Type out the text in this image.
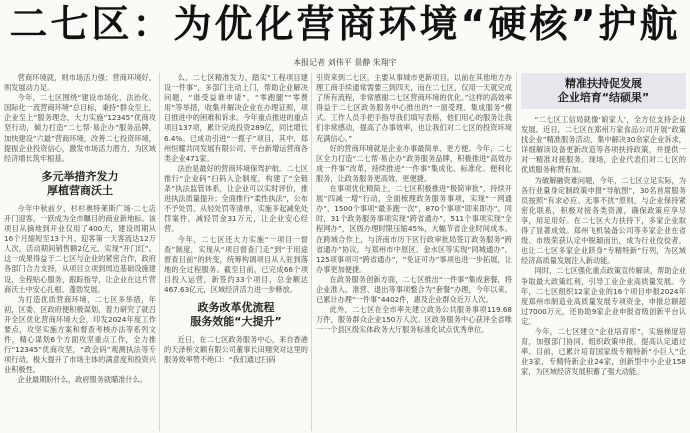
二七区：为优化营商环境“硬核”护航
本报记者 刘伟平 景静 朱翔宇

营商环境就，则市场活力强；营商环境好，则发展动力足。

今年，二七区围绕“建设市场化、法治化、国际化一流营商环境”总目标，秉持“群众至上，企业至上”服务理念，大力实施“12345”优商攻坚行动，倾力打造“二七帮·易企办”服务品牌，加快建设“六最”营商环境，改善二七投资环境，提振企业投资信心，激发市场活力潜力，为区域经济增长筑牢根基。

多元举措齐发力
厚植营商沃土

今年中秋前夕，杉杉奥特莱斯广场·二七店开门迎客，一跃成为全市瞩目的商业新地标。该项目从摘地到开业仅用了400天，建设周期从16个月缩短至13个月。迎客第一天客流达12万人次，活动期间销售额2亿元，实现“开门红”。这一成果得益于二七区与企业的紧密合作，政府各部门合力支持，从项目立项到周边基础设施建设，全程贴心服务，跟踪指导，让企业在这片营商沃土中安心扎根、蓬勃发展。

为打造优质营商环境，二七区多举措，年初，区委、区政府便积极谋划，着力研究了就召开全区优化营商环境大会，印发2024年度工作要点，攻坚实施方案和督查考核办法等系列文件，精心谋划6个方面攻坚重点工作，全力推行“12345”优商攻坚，“政会码”观测执法等专项行动，极大提升了市场主体的满意度和投资兴业积极性。

企业最期盼什么，政府服务就瞄准什么。

么。二七区精准发力，踏实“工程项目建设一件事”，多部门主动上门，帮助企业解决问题，“谁受益谁申请”，“零跑腿”“零费用”等举措，收集并解决企业在办理证照，项目推进中的困难和诉求。今年重点推进的重点项目137项，累计完成投资289亿，同比增长6.4%。已成功引进“一揽子”项目，其中，郑州恒耀共同发展有限公司、平台新增运营商各类企业471家。

法治是最好的营商环境保驾护航。二七区推行“企业码”扫码入企制度，构建了“全链条”执法监管体系，让企业可以实时评价，推进执法质量提升；全面推行“柔性执法”，公布不予处罚、从轻处罚等清单，实施多起减免处罚案件，减轻罚金31万元，让企业安心经营。

今年，二七区还大力实施“一项目一督查”制度，实现从“项目督查门走”到“于用途督查目前”的转变，统筹构调项目从入驻到落地的全过程服务。截至目前，已完成66个项目投入运营，新签约33个项目，总金额达467.63亿元，区域经济活力进一步释放。

政务改革优流程
服务效能“大提升”

近日，在二七区政务服务中心，来自香港的天泽桥文额有限公司董事长田翔突对这里的服务效率赞不绝口：“我们通过扫码

引资来到二七区，主要从事城市更新项目。以前在其他地方办理工商手续通常需要三到四天，而在二七区，仅用一天就完成了所有流程，非常感谢二七区营商环境的优化。”这样的高效率得益于二七区政务服务中心推出的“一窗受理、集成服务”模式。工作人员手把手指导我们填写表格，他们用心的服务让我们非常感动，提高了办事效率，也让我们对二七区的投资环境充满信心。”

好的营商环境就是企业办事最简单、更方便。今年，二七区全力打造“二七帮·易企办”政务服务品牌，积极推进“高效办成一件事”改革，持续推进“一件事”集成化、标准化、便利化服务，让政务服务更高效、更便捷。

在事项优化精简上，二七区积极推进“极简审批”，持续开展“四减一增”行动，全面梳理政务服务事项，实现“一网通办”，1500个事项“最多跑一次”，870个事项“即来即办”。同时，31个政务服务事项实现“跨省通办”，511个事项实现“全程网办”，区级办理时限压缩45%，大幅节省企业时间成本。在跨域合作上，与济南市历下区行政审批局签订政务服务“跨省通办”协议，与郑州市中原区、金水区等实现“同城通办”，125项事项可“跨省通办”，“免证可办”事项也进一步拓展，让办事更加便捷。

在政务服务创新方面，二七区推出“一件事”集成套餐，将企业准入、准营、退出等事项整合为“套餐”办理，今年以来，已累计办理“一件事”4402件，惠及企业群众近万人次。

此外，二七区在全市率先建立政务公共服务事项119.68万件，服务群众企业150万人次。区政务服务中心获评全省唯一一个县区级实体政务大厅服务标准化试点优秀单位。

精准扶持促发展
企业培育“结硕果”

“二七区工信局就像‘娘家人’，全方位支持企业发展。近日，二七区在郑州万家食品公司开展“政策找企业”精准服务活动，集中解决30余家企业诉求，详细解读设备更新改造等各项扶持政策，并提供一对一精准对接服务。现场，企业代表们对二七区的优质服务称赞有加。

为破解融资难问题，今年，二七区立足实际，为各行业量身定制政策申报“导航图”，30名首席服务员按照“有求必应、无事不扰”原则，与企业保持紧密化联系，积极对接各类资源，确保政策应享尽享，用足用好。在二七区大力扶持下，多家企业取得了显著成效。郑州飞机装备公司等多家企业在省级、市级荣获认定中脱颖而出，成为行业佼佼者，也让二七区多家企业跻身“专精特新”行列，为区域经济高质量发展注入新动能。

同时，二七区强化重点政策宣传解读，帮助企业争取最大政策红利，引导工业企业高质量发展。今年，二七区组织12家企业的16个项目申报2024年度郑州市制造业高质量发展专项资金，申报总额超过7000万元，还协助9家企业申报省级创新平台认定。

今年，二七区建立“企业培育库”，实施梯度培育，加强部门协同，组织政策申报，提高认定通过率。目前，已累计培育国家级专精特新“小巨人”企业3家，专精特新企业24家，创新型中小企业158家，为区域经济发展积蓄了强大动能。
